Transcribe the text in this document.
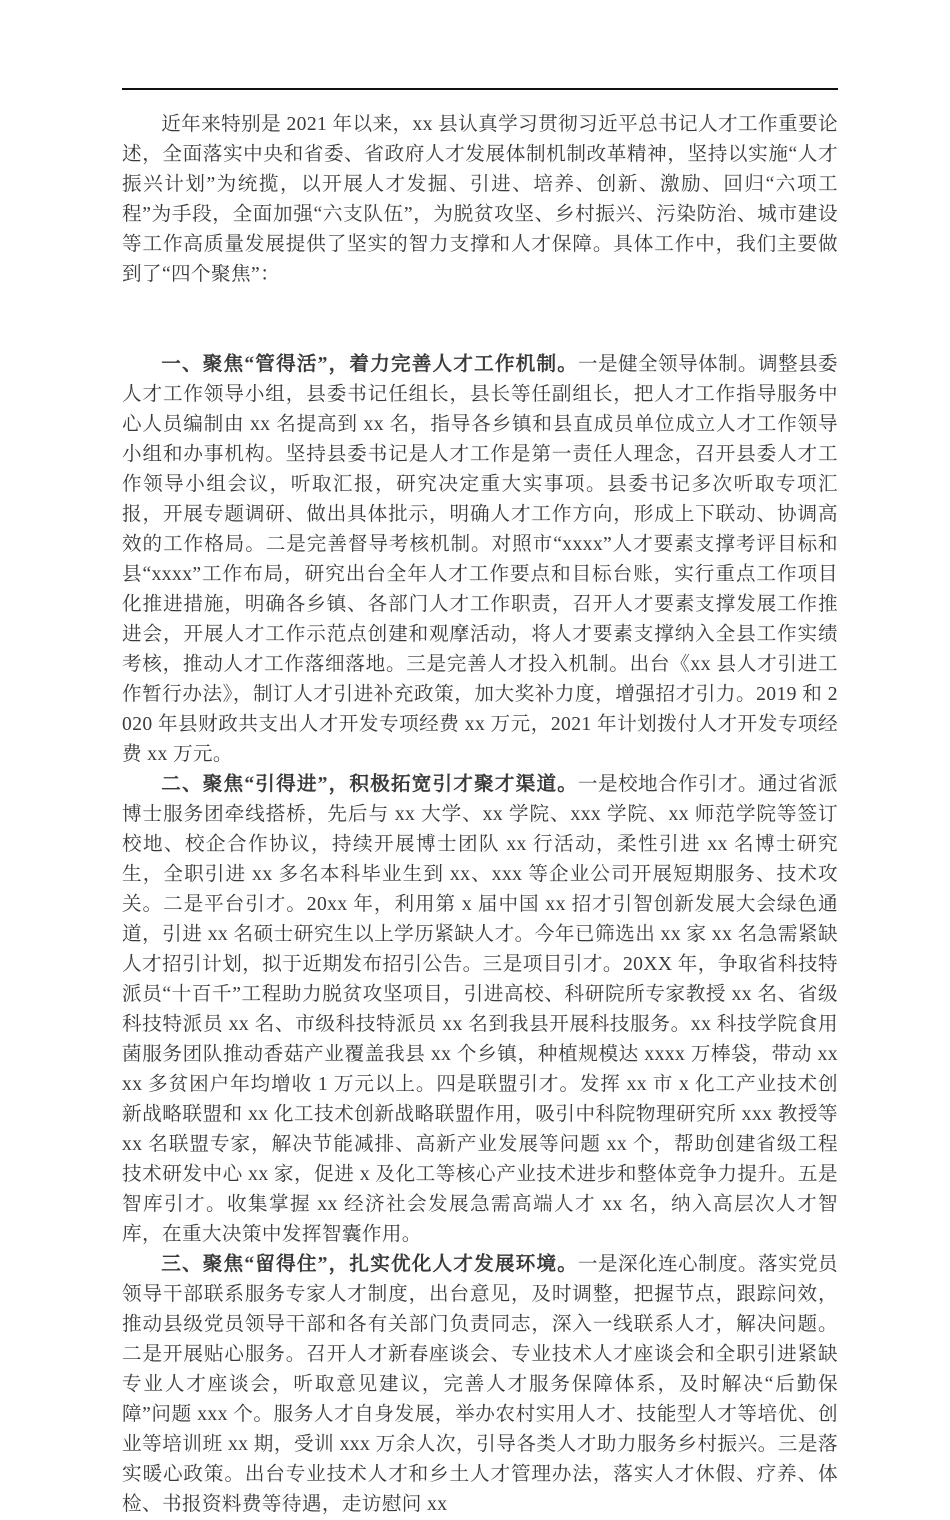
近年来特别是 2021 年以来，xx 县认真学习贯彻习近平总书记人才工作重要论述，全面落实中央和省委、省政府人才发展体制机制改革精神，坚持以实施“人才振兴计划”为统揽，以开展人才发掘、引进、培养、创新、激励、回归“六项工程”为手段，全面加强“六支队伍”，为脱贫攻坚、乡村振兴、污染防治、城市建设等工作高质量发展提供了坚实的智力支撑和人才保障。具体工作中，我们主要做到了“四个聚焦”：

一、聚焦“管得活”，着力完善人才工作机制。一是健全领导体制。调整县委人才工作领导小组，县委书记任组长，县长等任副组长，把人才工作指导服务中心人员编制由 xx 名提高到 xx 名，指导各乡镇和县直成员单位成立人才工作领导小组和办事机构。坚持县委书记是人才工作是第一责任人理念，召开县委人才工作领导小组会议，听取汇报，研究决定重大实事项。县委书记多次听取专项汇报，开展专题调研、做出具体批示，明确人才工作方向，形成上下联动、协调高效的工作格局。二是完善督导考核机制。对照市“xxxx”人才要素支撑考评目标和县“xxxx”工作布局，研究出台全年人才工作要点和目标台账，实行重点工作项目化推进措施，明确各乡镇、各部门人才工作职责，召开人才要素支撑发展工作推进会，开展人才工作示范点创建和观摩活动，将人才要素支撑纳入全县工作实绩考核，推动人才工作落细落地。三是完善人才投入机制。出台《xx 县人才引进工作暂行办法》，制订人才引进补充政策，加大奖补力度，增强招才引力。2019 和 2020 年县财政共支出人才开发专项经费 xx 万元，2021 年计划拨付人才开发专项经费 xx 万元。

二、聚焦“引得进”，积极拓宽引才聚才渠道。一是校地合作引才。通过省派博士服务团牵线搭桥，先后与 xx 大学、xx 学院、xxx 学院、xx 师范学院等签订校地、校企合作协议，持续开展博士团队 xx 行活动，柔性引进 xx 名博士研究生，全职引进 xx 多名本科毕业生到 xx、xxx 等企业公司开展短期服务、技术攻关。二是平台引才。20xx 年，利用第 x 届中国 xx 招才引智创新发展大会绿色通道，引进 xx 名硕士研究生以上学历紧缺人才。今年已筛选出 xx 家 xx 名急需紧缺人才招引计划，拟于近期发布招引公告。三是项目引才。20XX 年，争取省科技特派员“十百千”工程助力脱贫攻坚项目，引进高校、科研院所专家教授 xx 名、省级科技特派员 xx 名、市级科技特派员 xx 名到我县开展科技服务。xx 科技学院食用菌服务团队推动香菇产业覆盖我县 xx 个乡镇，种植规模达 xxxx 万棒袋，带动 xxxx 多贫困户年均增收 1 万元以上。四是联盟引才。发挥 xx 市 x 化工产业技术创新战略联盟和 xx 化工技术创新战略联盟作用，吸引中科院物理研究所 xxx 教授等 xx 名联盟专家，解决节能减排、高新产业发展等问题 xx 个，帮助创建省级工程技术研发中心 xx 家，促进 x 及化工等核心产业技术进步和整体竞争力提升。五是智库引才。收集掌握 xx 经济社会发展急需高端人才 xx 名，纳入高层次人才智库，在重大决策中发挥智囊作用。

三、聚焦“留得住”，扎实优化人才发展环境。一是深化连心制度。落实党员领导干部联系服务专家人才制度，出台意见，及时调整，把握节点，跟踪问效，推动县级党员领导干部和各有关部门负责同志，深入一线联系人才，解决问题。二是开展贴心服务。召开人才新春座谈会、专业技术人才座谈会和全职引进紧缺专业人才座谈会，听取意见建议，完善人才服务保障体系，及时解决“后勤保障”问题 xxx 个。服务人才自身发展，举办农村实用人才、技能型人才等培优、创业等培训班 xx 期，受训 xxx 万余人次，引导各类人才助力服务乡村振兴。三是落实暖心政策。出台专业技术人才和乡土人才管理办法，落实人才休假、疗养、体检、书报资料费等待遇，走访慰问 xx
